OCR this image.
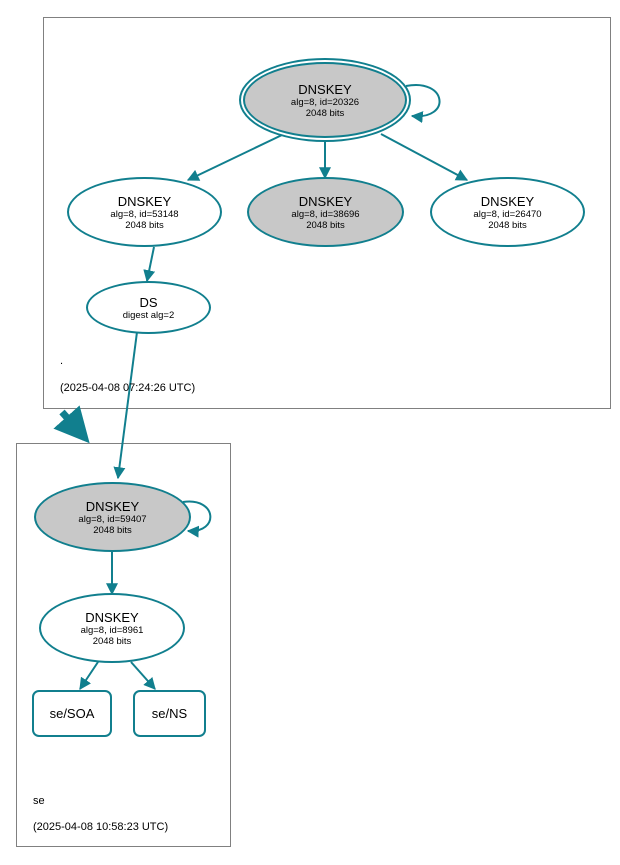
DNSKEY
alg=8, id=20326
2048 bits
DNSKEY
alg=8, id=53148
2048 bits
DNSKEY
alg=8, id=38696
2048 bits
DNSKEY
alg=8, id=26470
2048 bits
DS
digest alg=2
.
(2025-04-08 07:24:26 UTC)
DNSKEY
alg=8, id=59407
2048 bits
DNSKEY
alg=8, id=8961
2048 bits
se/SOA	se/NS
se
(2025-04-08 10:58:23 UTC)
